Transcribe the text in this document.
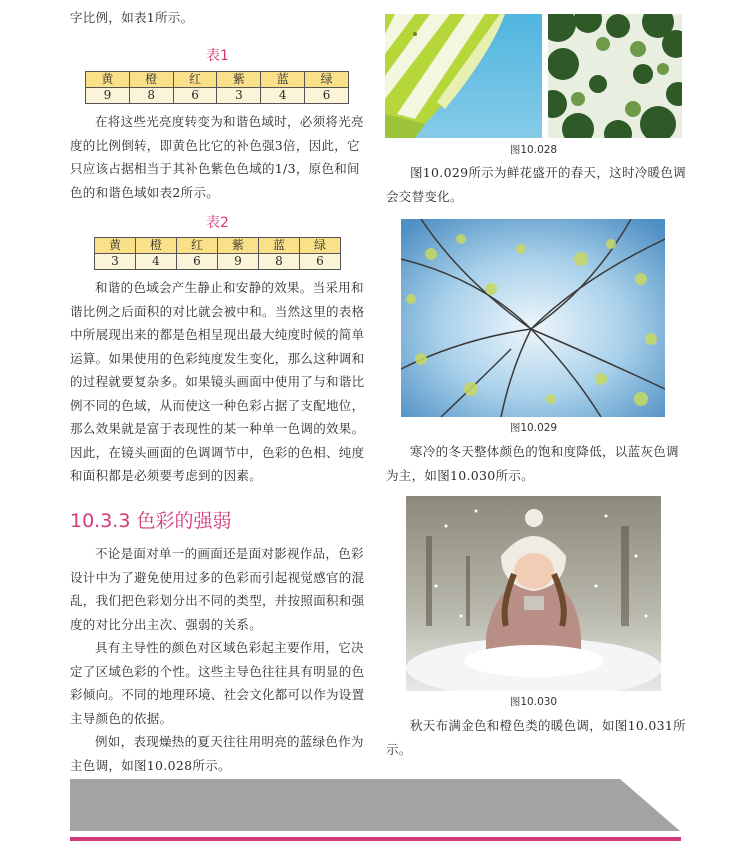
字比例，如表1所示。

表1
黄	橙	红	紫	蓝	绿
9	8	6	3	4	6

在将这些光亮度转变为和谐色域时，必须将光亮度的比例倒转，即黄色比它的补色强3倍，因此，它只应该占据相当于其补色紫色色域的1/3，原色和间色的和谐色域如表2所示。

表2
黄	橙	红	紫	蓝	绿
3	4	6	9	8	6

和谐的色域会产生静止和安静的效果。当采用和谐比例之后面积的对比就会被中和。当然这里的表格中所展现出来的都是色相呈现出最大纯度时候的简单运算。如果使用的色彩纯度发生变化，那么这种调和的过程就要复杂多。如果镜头画面中使用了与和谐比例不同的色域，从而使这一种色彩占据了支配地位，那么效果就是富于表现性的某一种单一色调的效果。因此，在镜头画面的色调调节中，色彩的色相、纯度和面积都是必须要考虑到的因素。

10.3.3 色彩的强弱

不论是面对单一的画面还是面对影视作品，色彩设计中为了避免使用过多的色彩而引起视觉感官的混乱，我们把色彩划分出不同的类型，并按照面积和强度的对比分出主次、强弱的关系。

具有主导性的颜色对区域色彩起主要作用，它决定了区域色彩的个性。这些主导色往往具有明显的色彩倾向。不同的地理环境、社会文化都可以作为设置主导颜色的依据。

例如，表现燥热的夏天往往用明亮的蓝绿色作为主色调，如图10.028所示。

图10.028

图10.029所示为鲜花盛开的春天，这时冷暖色调会交替变化。

图10.029

寒冷的冬天整体颜色的饱和度降低，以蓝灰色调为主，如图10.030所示。

图10.030

秋天布满金色和橙色类的暖色调，如图10.031所示。
